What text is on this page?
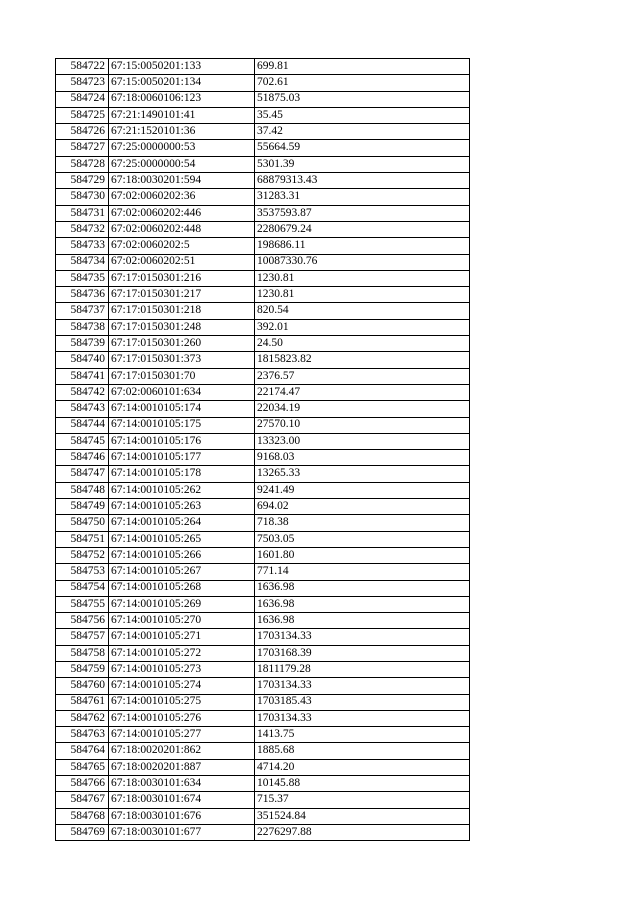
584722	67:15:0050201:133	699.81
584723	67:15:0050201:134	702.61
584724	67:18:0060106:123	51875.03
584725	67:21:1490101:41	35.45
584726	67:21:1520101:36	37.42
584727	67:25:0000000:53	55664.59
584728	67:25:0000000:54	5301.39
584729	67:18:0030201:594	68879313.43
584730	67:02:0060202:36	31283.31
584731	67:02:0060202:446	3537593.87
584732	67:02:0060202:448	2280679.24
584733	67:02:0060202:5	198686.11
584734	67:02:0060202:51	10087330.76
584735	67:17:0150301:216	1230.81
584736	67:17:0150301:217	1230.81
584737	67:17:0150301:218	820.54
584738	67:17:0150301:248	392.01
584739	67:17:0150301:260	24.50
584740	67:17:0150301:373	1815823.82
584741	67:17:0150301:70	2376.57
584742	67:02:0060101:634	22174.47
584743	67:14:0010105:174	22034.19
584744	67:14:0010105:175	27570.10
584745	67:14:0010105:176	13323.00
584746	67:14:0010105:177	9168.03
584747	67:14:0010105:178	13265.33
584748	67:14:0010105:262	9241.49
584749	67:14:0010105:263	694.02
584750	67:14:0010105:264	718.38
584751	67:14:0010105:265	7503.05
584752	67:14:0010105:266	1601.80
584753	67:14:0010105:267	771.14
584754	67:14:0010105:268	1636.98
584755	67:14:0010105:269	1636.98
584756	67:14:0010105:270	1636.98
584757	67:14:0010105:271	1703134.33
584758	67:14:0010105:272	1703168.39
584759	67:14:0010105:273	1811179.28
584760	67:14:0010105:274	1703134.33
584761	67:14:0010105:275	1703185.43
584762	67:14:0010105:276	1703134.33
584763	67:14:0010105:277	1413.75
584764	67:18:0020201:862	1885.68
584765	67:18:0020201:887	4714.20
584766	67:18:0030101:634	10145.88
584767	67:18:0030101:674	715.37
584768	67:18:0030101:676	351524.84
584769	67:18:0030101:677	2276297.88
